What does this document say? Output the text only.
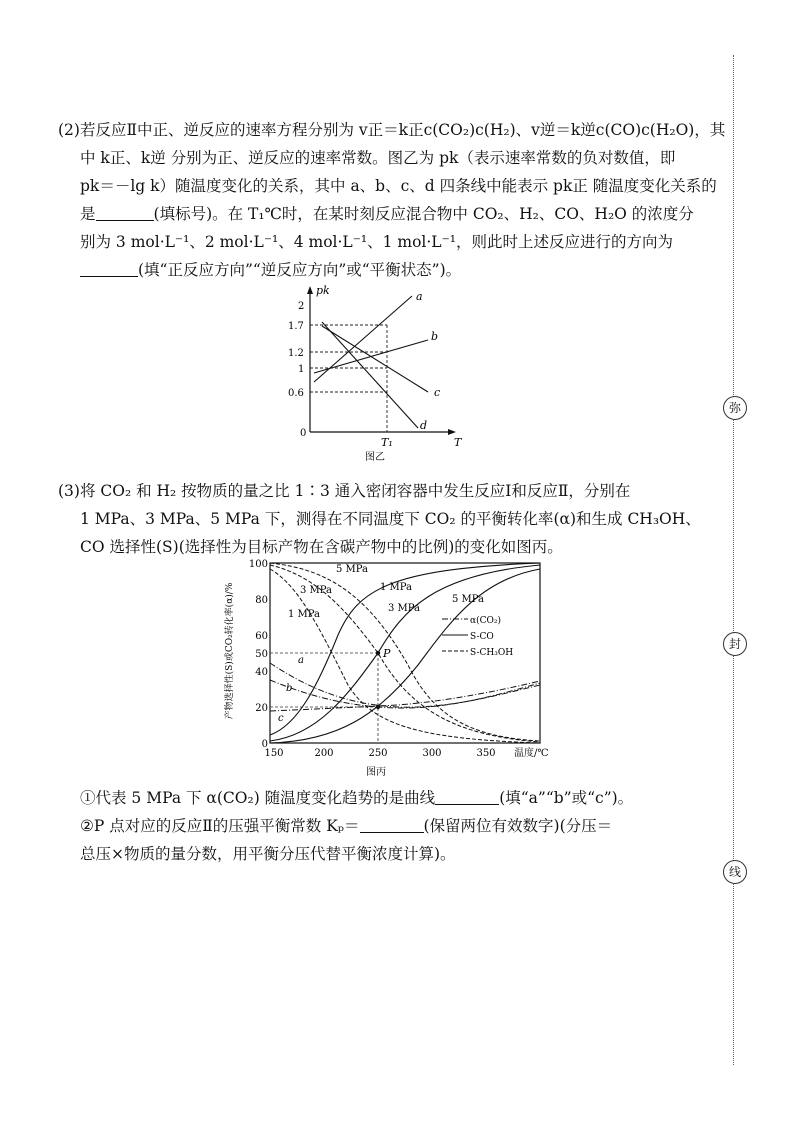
(2)若反应Ⅱ中正、逆反应的速率方程分别为 v正＝k正c(CO₂)c(H₂)、v逆＝k逆c(CO)c(H₂O)，其
中 k正、k逆 分别为正、逆反应的速率常数。图乙为 pk（表示速率常数的负对数值，即
pk＝－lg k）随温度变化的关系，其中 a、b、c、d 四条线中能表示 pk正 随温度变化关系的
是	(填标号)。在 T₁℃时，在某时刻反应混合物中 CO₂、H₂、CO、H₂O 的浓度分
别为 3 mol·L⁻¹、2 mol·L⁻¹、4 mol·L⁻¹、1 mol·L⁻¹，则此时上述反应进行的方向为
(填“正反应方向”“逆反应方向”或“平衡状态”)。
pk
T
0
2
1.7
1.2
1
0.6
a
b
c
d
T₁
图乙
(3)将 CO₂ 和 H₂ 按物质的量之比 1∶3 通入密闭容器中发生反应Ⅰ和反应Ⅱ，分别在
1 MPa、3 MPa、5 MPa 下，测得在不同温度下 CO₂ 的平衡转化率(α)和生成 CH₃OH、
CO 选择性(S)(选择性为目标产物在含碳产物中的比例)的变化如图丙。
产物选择性(S)或CO₂转化率(α)/%
100
80
60
50
40
20
0
150	200	250	300	350 温度/℃
图丙
P
a
b
c
5 MPa
3 MPa
1 MPa
1 MPa
3 MPa
5 MPa
α(CO₂)
S-CO
S-CH₃OH
①代表 5 MPa 下 α(CO₂) 随温度变化趋势的是曲线	(填“a”“b”或“c”)。
②P 点对应的反应Ⅱ的压强平衡常数 Kₚ＝	(保留两位有效数字)(分压＝
总压×物质的量分数，用平衡分压代替平衡浓度计算)。
弥
封
线
